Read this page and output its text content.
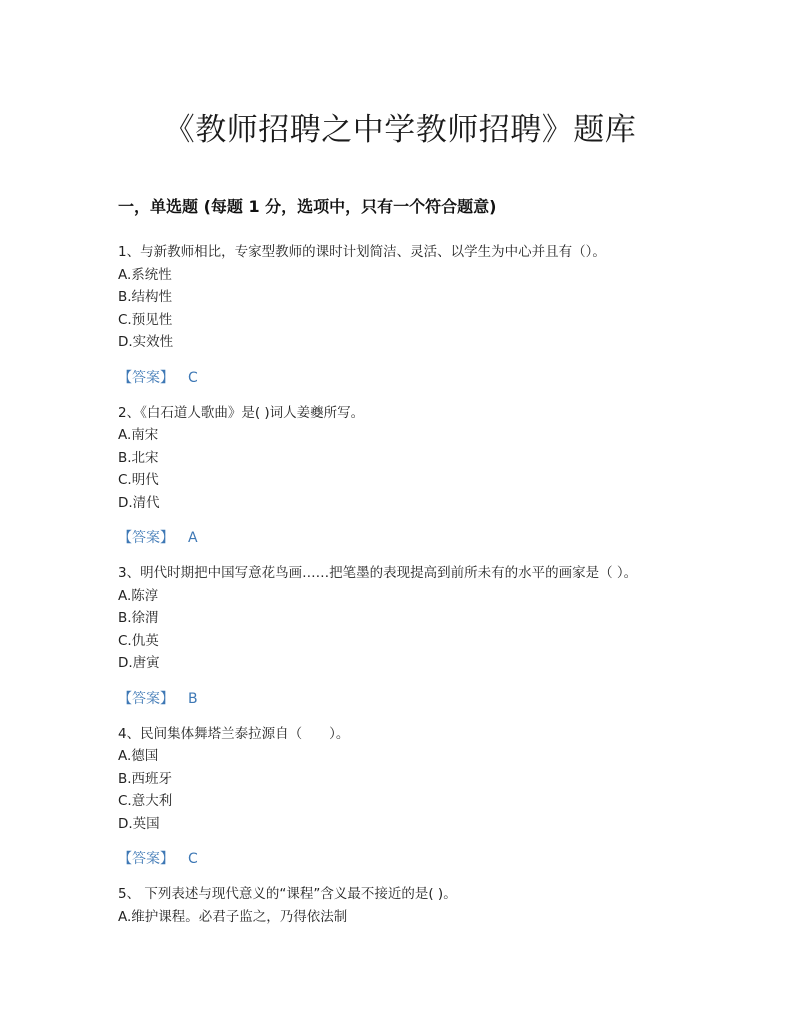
《教师招聘之中学教师招聘》题库
一，单选题 (每题 1 分，选项中，只有一个符合题意)
1、与新教师相比，专家型教师的课时计划简洁、灵活、以学生为中心并且有（）。
A.系统性
B.结构性
C.预见性
D.实效性
【答案】 C
2、《白石道人歌曲》是( )词人姜夔所写。
A.南宋
B.北宋
C.明代
D.清代
【答案】 A
3、明代时期把中国写意花鸟画……把笔墨的表现提高到前所未有的水平的画家是（ ）。
A.陈淳
B.徐渭
C.仇英
D.唐寅
【答案】 B
4、民间集体舞塔兰泰拉源自（　　）。
A.德国
B.西班牙
C.意大利
D.英国
【答案】 C
5、 下列表述与现代意义的“课程”含义最不接近的是( )。
A.维护课程。必君子监之，乃得依法制
